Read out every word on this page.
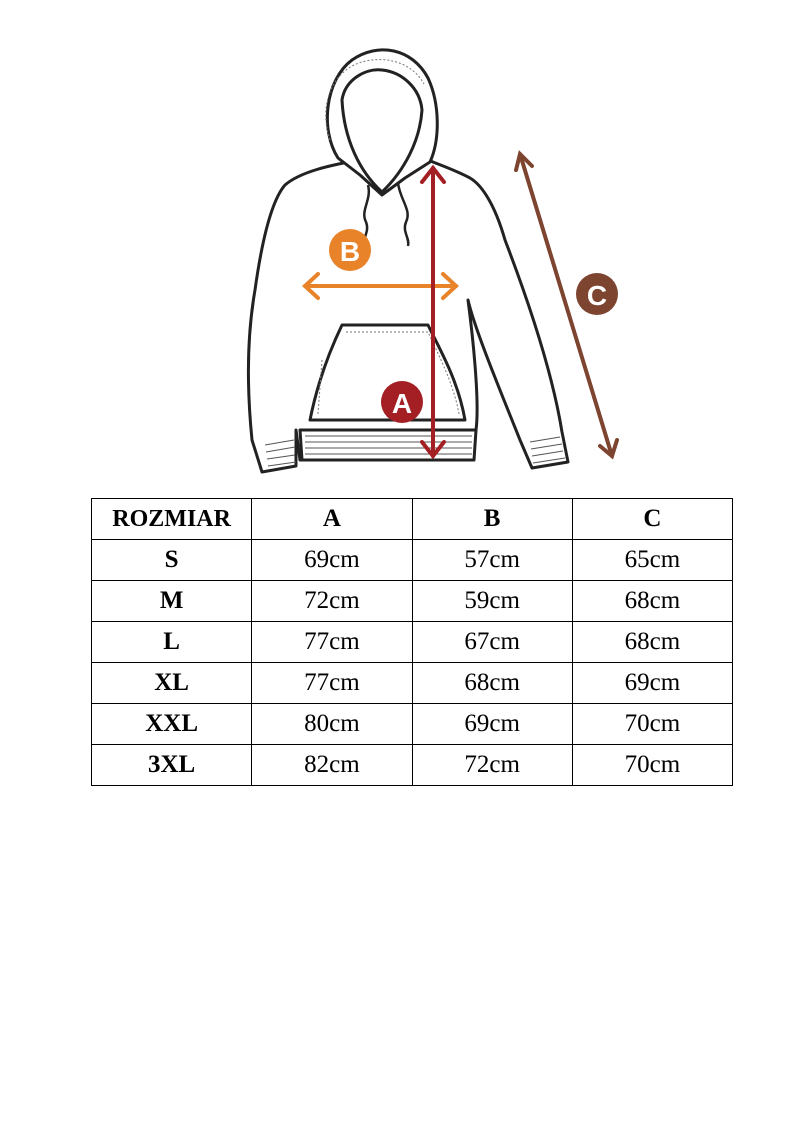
B
A
C
ROZMIAR	A	B	C
S	69cm	57cm	65cm
M	72cm	59cm	68cm
L	77cm	67cm	68cm
XL	77cm	68cm	69cm
XXL	80cm	69cm	70cm
3XL	82cm	72cm	70cm
